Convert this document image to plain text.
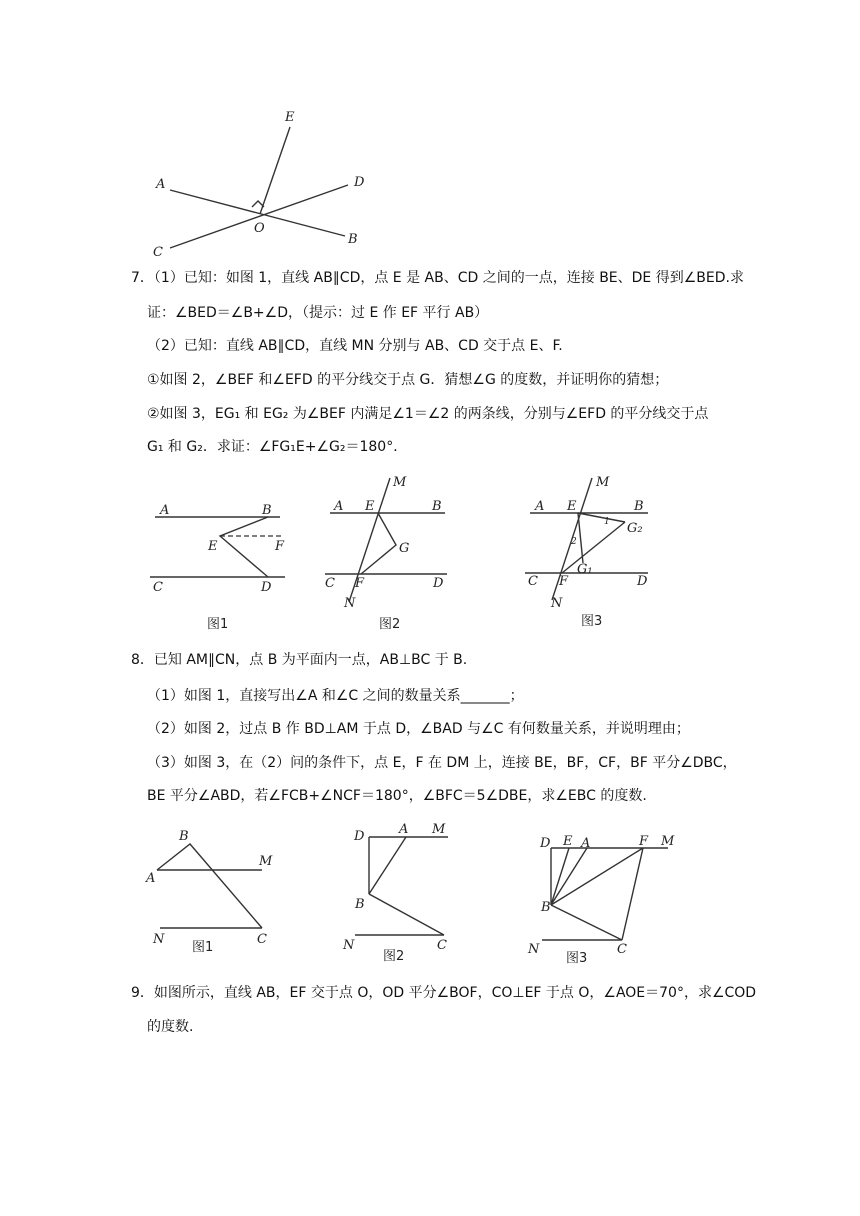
E
A	D
O
C
B
7．（1）已知：如图 1，直线 AB∥CD，点 E 是 AB、CD 之间的一点，连接 BE、DE 得到∠BED.求
证：∠BED＝∠B+∠D，（提示：过 E 作 EF 平行 AB）
（2）已知：直线 AB∥CD，直线 MN 分别与 AB、CD 交于点 E、F.
①如图 2，∠BEF 和∠EFD 的平分线交于点 G．猜想∠G 的度数，并证明你的猜想；
②如图 3，EG₁ 和 EG₂ 为∠BEF 内满足∠1＝∠2 的两条线，分别与∠EFD 的平分线交于点
G₁ 和 G₂．求证：∠FG₁E+∠G₂＝180°．
A	B
E	F
C	D
图1
M
A E	B
G
C F	D
N
图2
M
A E	B
1
2
G₂
G₁
C F	D
N
图3
8．已知 AM∥CN，点 B 为平面内一点，AB⊥BC 于 B.
（1）如图 1，直接写出∠A 和∠C 之间的数量关系_______；
（2）如图 2，过点 B 作 BD⊥AM 于点 D，∠BAD 与∠C 有何数量关系，并说明理由；
（3）如图 3，在（2）问的条件下，点 E，F 在 DM 上，连接 BE，BF，CF，BF 平分∠DBC，
BE 平分∠ABD，若∠FCB+∠NCF＝180°，∠BFC＝5∠DBE，求∠EBC 的度数.
B
A
M
N	C
图1
D	A M
B
N	C
图2
D E A	F M
B
N	C
图3
9．如图所示，直线 AB，EF 交于点 O，OD 平分∠BOF，CO⊥EF 于点 O，∠AOE＝70°，求∠COD
的度数.
